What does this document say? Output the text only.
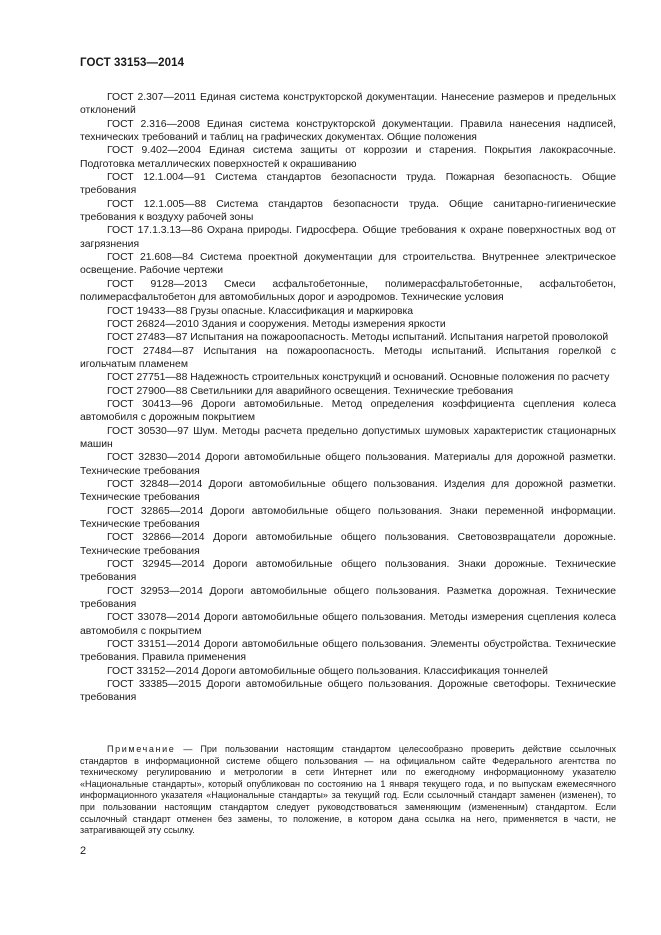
ГОСТ 33153—2014

ГОСТ 2.307—2011 Единая система конструкторской документации. Нанесение размеров и предельных отклонений

ГОСТ 2.316—2008 Единая система конструкторской документации. Правила нанесения надписей, технических требований и таблиц на графических документах. Общие положения

ГОСТ 9.402—2004 Единая система защиты от коррозии и старения. Покрытия лакокрасочные. Подготовка металлических поверхностей к окрашиванию

ГОСТ 12.1.004—91 Система стандартов безопасности труда. Пожарная безопасность. Общие требования

ГОСТ 12.1.005—88 Система стандартов безопасности труда. Общие санитарно-гигиенические требования к воздуху рабочей зоны

ГОСТ 17.1.3.13—86 Охрана природы. Гидросфера. Общие требования к охране поверхностных вод от загрязнения

ГОСТ 21.608—84 Система проектной документации для строительства. Внутреннее электрическое освещение. Рабочие чертежи

ГОСТ 9128—2013 Смеси асфальтобетонные, полимерасфальтобетонные, асфальтобетон, полимерасфальтобетон для автомобильных дорог и аэродромов. Технические условия

ГОСТ 19433—88 Грузы опасные. Классификация и маркировка

ГОСТ 26824—2010 Здания и сооружения. Методы измерения яркости

ГОСТ 27483—87 Испытания на пожароопасность. Методы испытаний. Испытания нагретой проволокой

ГОСТ 27484—87 Испытания на пожароопасность. Методы испытаний. Испытания горелкой с игольчатым пламенем

ГОСТ 27751—88 Надежность строительных конструкций и оснований. Основные положения по расчету

ГОСТ 27900—88 Светильники для аварийного освещения. Технические требования

ГОСТ 30413—96 Дороги автомобильные. Метод определения коэффициента сцепления колеса автомобиля с дорожным покрытием

ГОСТ 30530—97 Шум. Методы расчета предельно допустимых шумовых характеристик стационарных машин

ГОСТ 32830—2014 Дороги автомобильные общего пользования. Материалы для дорожной разметки. Технические требования

ГОСТ 32848—2014 Дороги автомобильные общего пользования. Изделия для дорожной разметки. Технические требования

ГОСТ 32865—2014 Дороги автомобильные общего пользования. Знаки переменной информации. Технические требования

ГОСТ 32866—2014 Дороги автомобильные общего пользования. Световозвращатели дорожные. Технические требования

ГОСТ 32945—2014 Дороги автомобильные общего пользования. Знаки дорожные. Технические требования

ГОСТ 32953—2014 Дороги автомобильные общего пользования. Разметка дорожная. Технические требования

ГОСТ 33078—2014 Дороги автомобильные общего пользования. Методы измерения сцепления колеса автомобиля с покрытием

ГОСТ 33151—2014 Дороги автомобильные общего пользования. Элементы обустройства. Технические требования. Правила применения

ГОСТ 33152—2014 Дороги автомобильные общего пользования. Классификация тоннелей

ГОСТ 33385—2015 Дороги автомобильные общего пользования. Дорожные светофоры. Технические требования

Примечание — При пользовании настоящим стандартом целесообразно проверить действие ссылочных стандартов в информационной системе общего пользования — на официальном сайте Федерального агентства по техническому регулированию и метрологии в сети Интернет или по ежегодному информационному указателю «Национальные стандарты», который опубликован по состоянию на 1 января текущего года, и по выпускам ежемесячного информационного указателя «Национальные стандарты» за текущий год. Если ссылочный стандарт заменен (изменен), то при пользовании настоящим стандартом следует руководствоваться заменяющим (измененным) стандартом. Если ссылочный стандарт отменен без замены, то положение, в котором дана ссылка на него, применяется в части, не затрагивающей эту ссылку.

2
